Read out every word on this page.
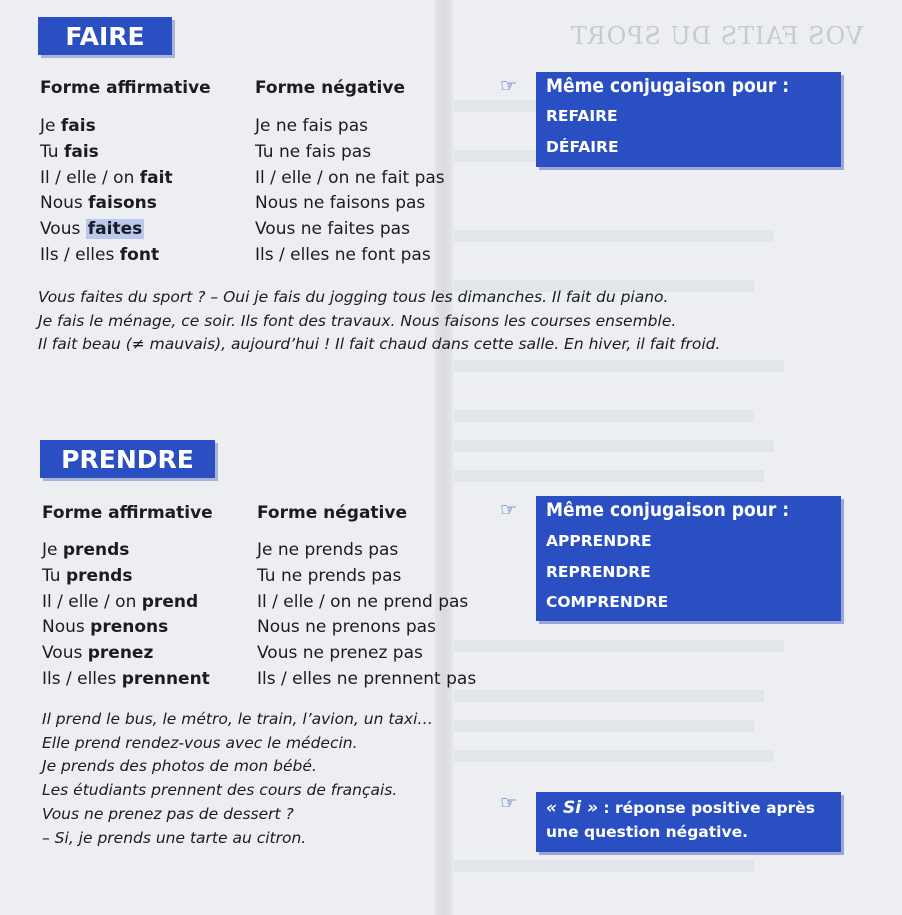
VOS FAITS DU SPORT
FAIRE
Forme affirmative	Forme négative
Je fais
Tu fais
Il / elle / on fait
Nous faisons
Vous faites
Ils / elles font
Je ne fais pas
Tu ne fais pas
Il / elle / on ne fait pas
Nous ne faisons pas
Vous ne faites pas
Ils / elles ne font pas
Vous faites du sport ? – Oui je fais du jogging tous les dimanches. Il fait du piano.
Je fais le ménage, ce soir. Ils font des travaux. Nous faisons les courses ensemble.
Il fait beau (≠ mauvais), aujourd’hui ! Il fait chaud dans cette salle. En hiver, il fait froid.
☞ Même conjugaison pour :
REFAIRE
DÉFAIRE
PRENDRE
Forme affirmative	Forme négative
Je prends
Tu prends
Il / elle / on prend
Nous prenons
Vous prenez
Ils / elles prennent
Je ne prends pas
Tu ne prends pas
Il / elle / on ne prend pas
Nous ne prenons pas
Vous ne prenez pas
Ils / elles ne prennent pas
Il prend le bus, le métro, le train, l’avion, un taxi…
Elle prend rendez-vous avec le médecin.
Je prends des photos de mon bébé.
Les étudiants prennent des cours de français.
Vous ne prenez pas de dessert ?
– Si, je prends une tarte au citron.
☞ Même conjugaison pour :
APPRENDRE
REPRENDRE
COMPRENDRE
☞ « Si » : réponse positive après
une question négative.
